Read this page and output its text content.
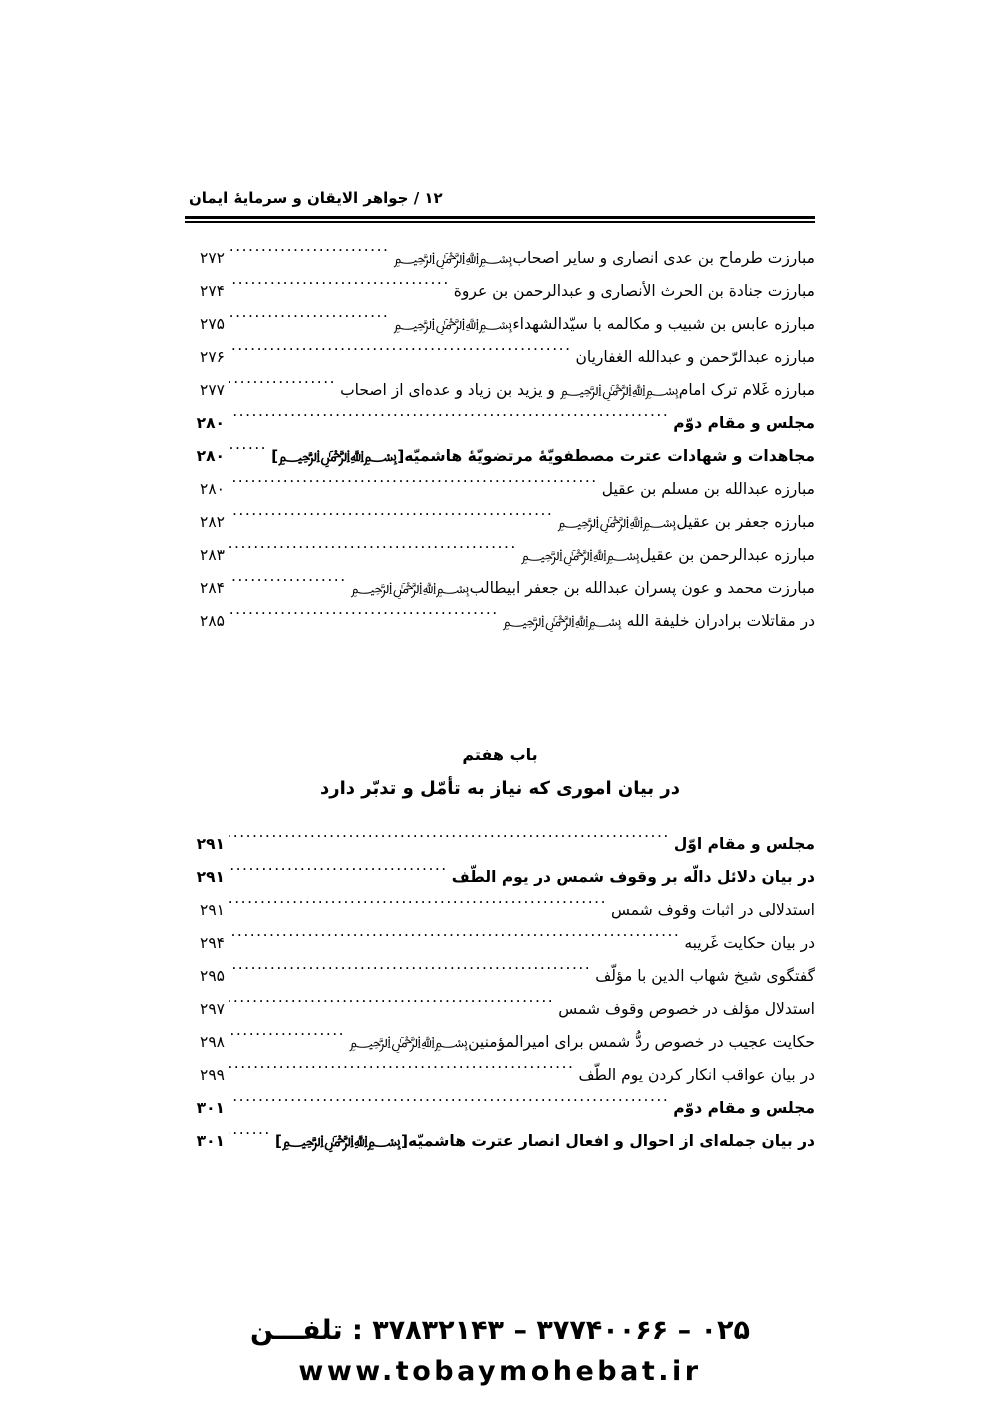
۱۲ / جواهر الایقان و سرمایهٔ ایمان
مبارزت طرماح بن عدی انصاری و سایر اصحاب﷽
.....
۲۷۲
مبارزت جنادة بن الحرث الأنصاری و عبدالرحمن بن عروة
.....
۲۷۴
مبارزه عابس بن شبیب و مکالمه با سیّدالشهداء﷽
.....
۲۷۵
مبارزه عبدالرّحمن و عبدالله الغفاریان
.....
۲۷۶
مبارزه غَلام ترک امام﷽ و یزید بن زیاد و عده‌ای از اصحاب
.....
۲۷۷
مجلس و مقام دوّم
.....
۲۸۰
مجاهدات و شهادات عترت مصطفویّهٔ مرتضویّهٔ هاشمیّه[﷽]
.....
۲۸۰
مبارزه عبدالله بن مسلم بن عقیل
.....
۲۸۰
مبارزه جعفر بن عقیل﷽
.....
۲۸۲
مبارزه عبدالرحمن بن عقیل﷽
.....
۲۸۳
مبارزت محمد و عون پسران عبدالله بن جعفر ابیطالب﷽
.....
۲۸۴
در مقاتلات برادران خلیفة الله ﷽
.....
۲۸۵
باب هفتم
در بیان اموری که نیاز به تأمّل و تدبّر دارد
مجلس و مقام اوّل
.....
۲۹۱
در بیان دلائل دالّه بر وقوف شمس در یوم الطّف
.....
۲۹۱
استدلالی در اثبات وقوف شمس
.....
۲۹۱
در بیان حکایت غَریبه
.....
۲۹۴
گفتگوی شیخ شهاب الدین با مؤلّف
.....
۲۹۵
استدلال مؤلف در خصوص وقوف شمس
.....
۲۹۷
حکایت عجیب در خصوص ردُّ شمس برای امیرالمؤمنین﷽
.....
۲۹۸
در بیان عواقب انکار کردن یوم الطّف
.....
۲۹۹
مجلس و مقام دوّم
.....
۳۰۱
در بیان جمله‌ای از احوال و افعال انصار عترت هاشمیّه[﷽]
.....
۳۰۱
۰۲۵ – ۳۷۷۴۰۰۶۶ – ۳۷۸۳۲۱۴۳ : تلفـــن
www.tobaymohebat.ir
